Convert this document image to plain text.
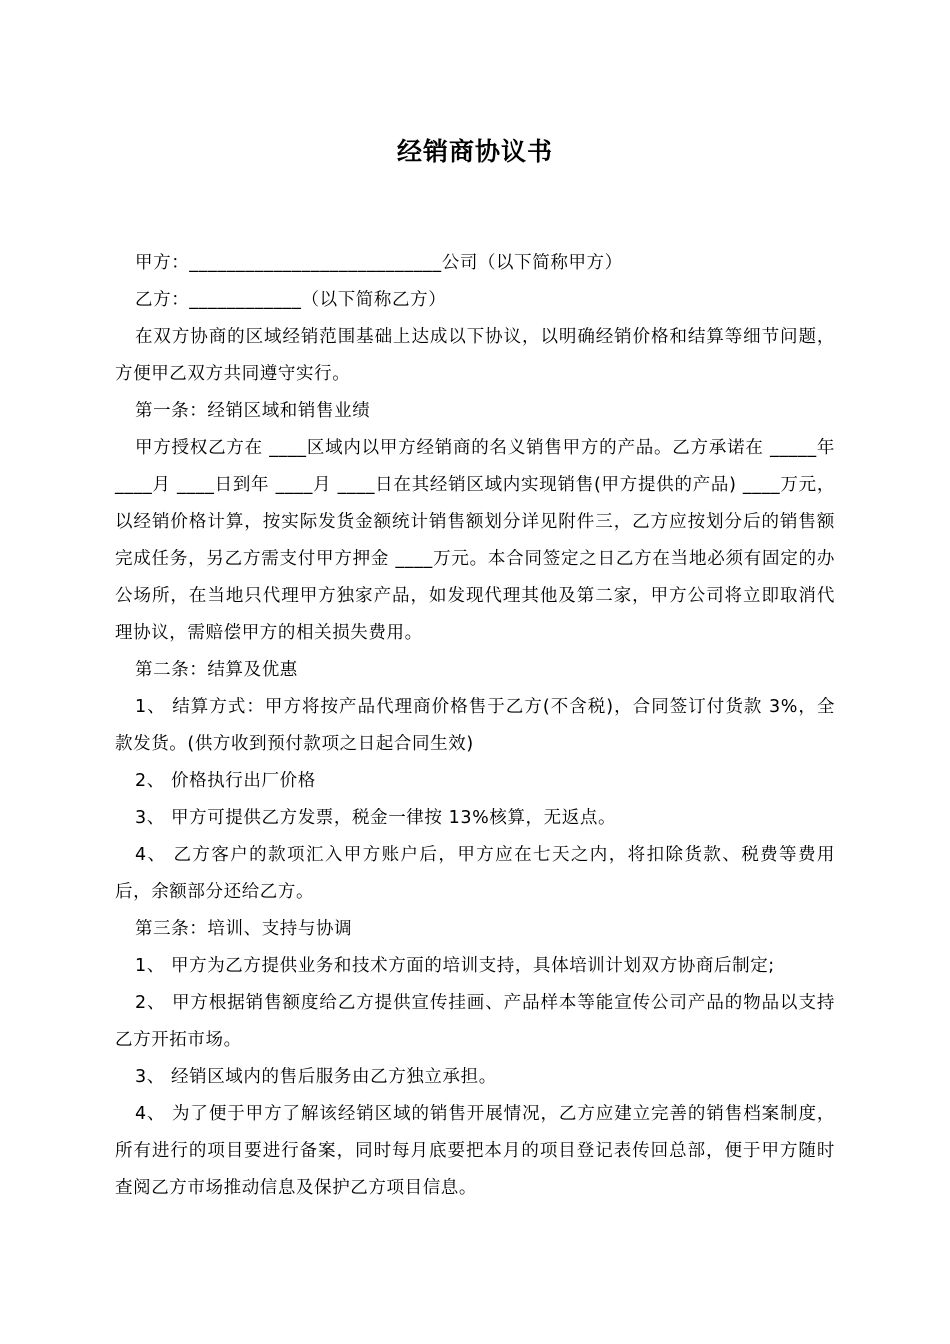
经销商协议书

甲方：___________________________公司（以下简称甲方）

乙方：____________（以下简称乙方）

在双方协商的区域经销范围基础上达成以下协议，以明确经销价格和结算等细节问题，方便甲乙双方共同遵守实行。

第一条：经销区域和销售业绩

甲方授权乙方在 ____区域内以甲方经销商的名义销售甲方的产品。乙方承诺在 _____年 ____月 ____日到年 ____月 ____日在其经销区域内实现销售(甲方提供的产品) ____万元，以经销价格计算，按实际发货金额统计销售额划分详见附件三，乙方应按划分后的销售额完成任务，另乙方需支付甲方押金 ____万元。本合同签定之日乙方在当地必须有固定的办公场所，在当地只代理甲方独家产品，如发现代理其他及第二家，甲方公司将立即取消代理协议，需赔偿甲方的相关损失费用。

第二条：结算及优惠

1、 结算方式：甲方将按产品代理商价格售于乙方(不含税)，合同签订付货款 3%，全款发货。(供方收到预付款项之日起合同生效)

2、 价格执行出厂价格

3、 甲方可提供乙方发票，税金一律按 13%核算，无返点。

4、 乙方客户的款项汇入甲方账户后，甲方应在七天之内，将扣除货款、税费等费用后，余额部分还给乙方。

第三条：培训、支持与协调

1、 甲方为乙方提供业务和技术方面的培训支持，具体培训计划双方协商后制定;

2、 甲方根据销售额度给乙方提供宣传挂画、产品样本等能宣传公司产品的物品以支持乙方开拓市场。

3、 经销区域内的售后服务由乙方独立承担。

4、 为了便于甲方了解该经销区域的销售开展情况，乙方应建立完善的销售档案制度，所有进行的项目要进行备案，同时每月底要把本月的项目登记表传回总部，便于甲方随时查阅乙方市场推动信息及保护乙方项目信息。
